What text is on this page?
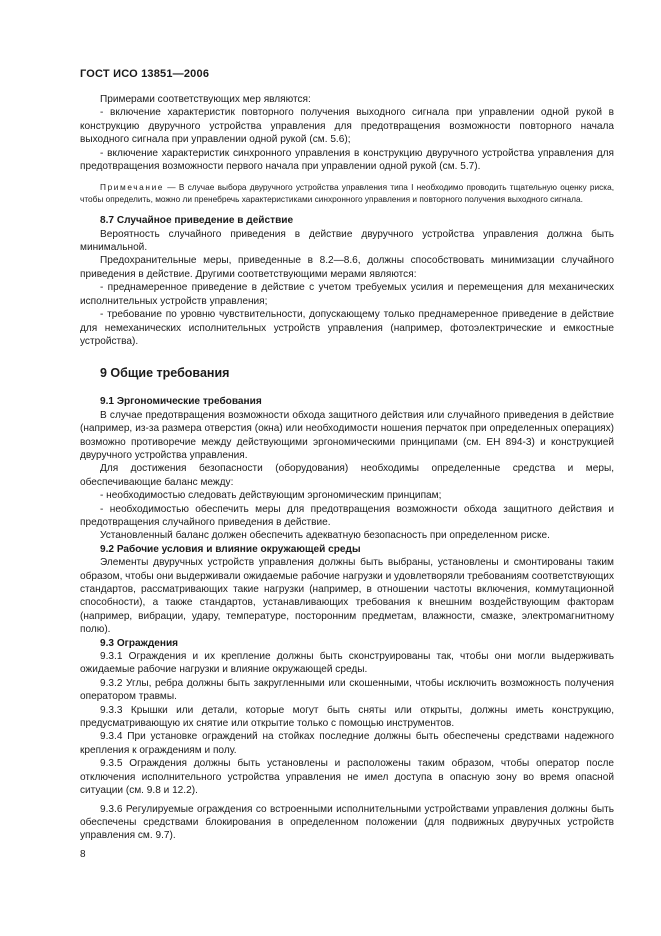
ГОСТ ИСО 13851—2006

Примерами соответствующих мер являются:

- включение характеристик повторного получения выходного сигнала при управлении одной рукой в конструкцию двуручного устройства управления для предотвращения возможности повторного начала выходного сигнала при управлении одной рукой (см. 5.6);

- включение характеристик синхронного управления в конструкцию двуручного устройства управления для предотвращения возможности первого начала при управлении одной рукой (см. 5.7).

Примечание — В случае выбора двуручного устройства управления типа I необходимо проводить тщательную оценку риска, чтобы определить, можно ли пренебречь характеристиками синхронного управления и повторного получения выходного сигнала.
8.7 Случайное приведение в действие

Вероятность случайного приведения в действие двуручного устройства управления должна быть минимальной.

Предохранительные меры, приведенные в 8.2—8.6, должны способствовать минимизации случайного приведения в действие. Другими соответствующими мерами являются:

- преднамеренное приведение в действие с учетом требуемых усилия и перемещения для механических исполнительных устройств управления;

- требование по уровню чувствительности, допускающему только преднамеренное приведение в действие для немеханических исполнительных устройств управления (например, фотоэлектрические и емкостные устройства).

9 Общие требования
9.1 Эргономические требования

В случае предотвращения возможности обхода защитного действия или случайного приведения в действие (например, из-за размера отверстия (окна) или необходимости ношения перчаток при определенных операциях) возможно противоречие между действующими эргономическими принципами (см. ЕН 894-3) и конструкцией двуручного устройства управления.

Для достижения безопасности (оборудования) необходимы определенные средства и меры, обеспечивающие баланс между:

- необходимостью следовать действующим эргономическим принципам;

- необходимостью обеспечить меры для предотвращения возможности обхода защитного действия и предотвращения случайного приведения в действие.

Установленный баланс должен обеспечить адекватную безопасность при определенном риске.

9.2 Рабочие условия и влияние окружающей среды

Элементы двуручных устройств управления должны быть выбраны, установлены и смонтированы таким образом, чтобы они выдерживали ожидаемые рабочие нагрузки и удовлетворяли требованиям соответствующих стандартов, рассматривающих такие нагрузки (например, в отношении частоты включения, коммутационной способности), а также стандартов, устанавливающих требования к внешним воздействующим факторам (например, вибрации, удару, температуре, посторонним предметам, влажности, смазке, электромагнитному полю).

9.3 Ограждения

9.3.1 Ограждения и их крепление должны быть сконструированы так, чтобы они могли выдерживать ожидаемые рабочие нагрузки и влияние окружающей среды.

9.3.2 Углы, ребра должны быть закругленными или скошенными, чтобы исключить возможность получения оператором травмы.

9.3.3 Крышки или детали, которые могут быть сняты или открыты, должны иметь конструкцию, предусматривающую их снятие или открытие только с помощью инструментов.

9.3.4 При установке ограждений на стойках последние должны быть обеспечены средствами надежного крепления к ограждениям и полу.

9.3.5 Ограждения должны быть установлены и расположены таким образом, чтобы оператор после отключения исполнительного устройства управления не имел доступа в опасную зону во время опасной ситуации (см. 9.8 и 12.2).

9.3.6 Регулируемые ограждения со встроенными исполнительными устройствами управления должны быть обеспечены средствами блокирования в определенном положении (для подвижных двуручных устройств управления см. 9.7).

8
